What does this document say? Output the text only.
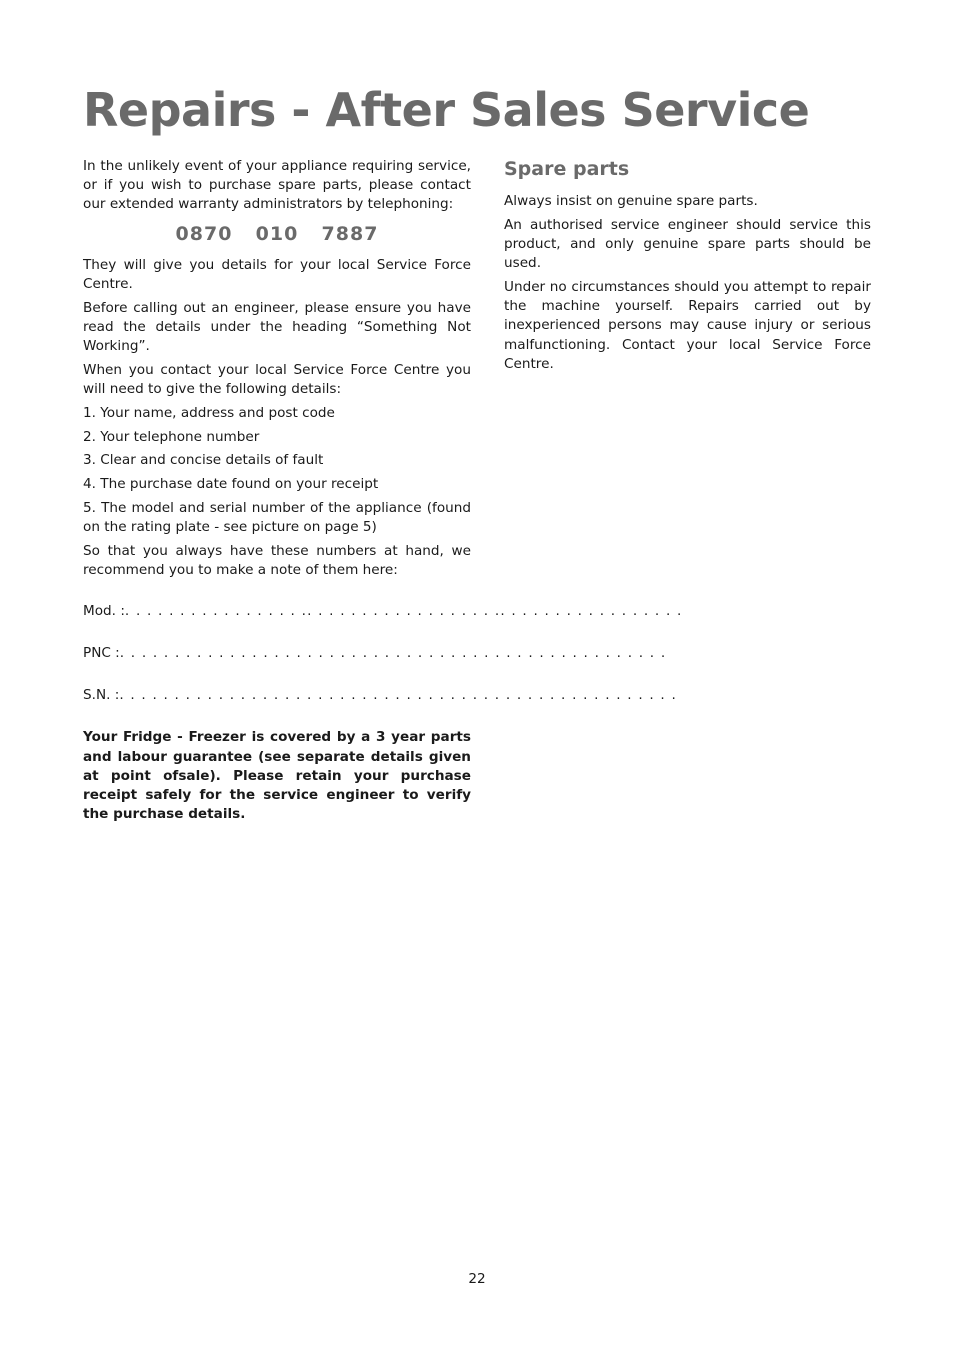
Repairs - After Sales Service

In the unlikely event of your appliance requiring service, or if you wish to purchase spare parts, please contact our extended warranty administrators by telephoning:

0870  010  7887

They will give you details for your local Service Force Centre.

Before calling out an engineer, please ensure you have read the details under the heading “Something Not Working”.

When you contact your local Service Force Centre you will need to give the following details:

1. Your name, address and post code

2. Your telephone number

3. Clear and concise details of fault

4. The purchase date found on your receipt

5. The model and serial number of the appliance (found on the rating plate - see picture on page 5)

So that you always have these numbers at hand, we recommend you to make a note of them here:

Mod. : . . . . . . . . . . . . . . . . .. . . . . . . . . . . . . . . . . .. . . . . . . . . . . . . . . . .
PNC : . . . . . . . . . . . . . . . . . . . . . . . . . . . . . . . . . . . . . . . . . . . . . . . . . .
S.N. : . . . . . . . . . . . . . . . . . . . . . . . . . . . . . . . . . . . . . . . . . . . . . . . . . . .

Your Fridge - Freezer is covered by a 3 year parts and labour guarantee (see separate details given at point ofsale). Please retain your purchase receipt safely for the service engineer to verify the purchase details.

Spare parts

Always insist on genuine spare parts.

An authorised service engineer should service this product, and only genuine spare parts should be used.

Under no circumstances should you attempt to repair the machine yourself. Repairs carried out by inexperienced persons may cause injury or serious malfunctioning. Contact your local Service Force Centre.

22
